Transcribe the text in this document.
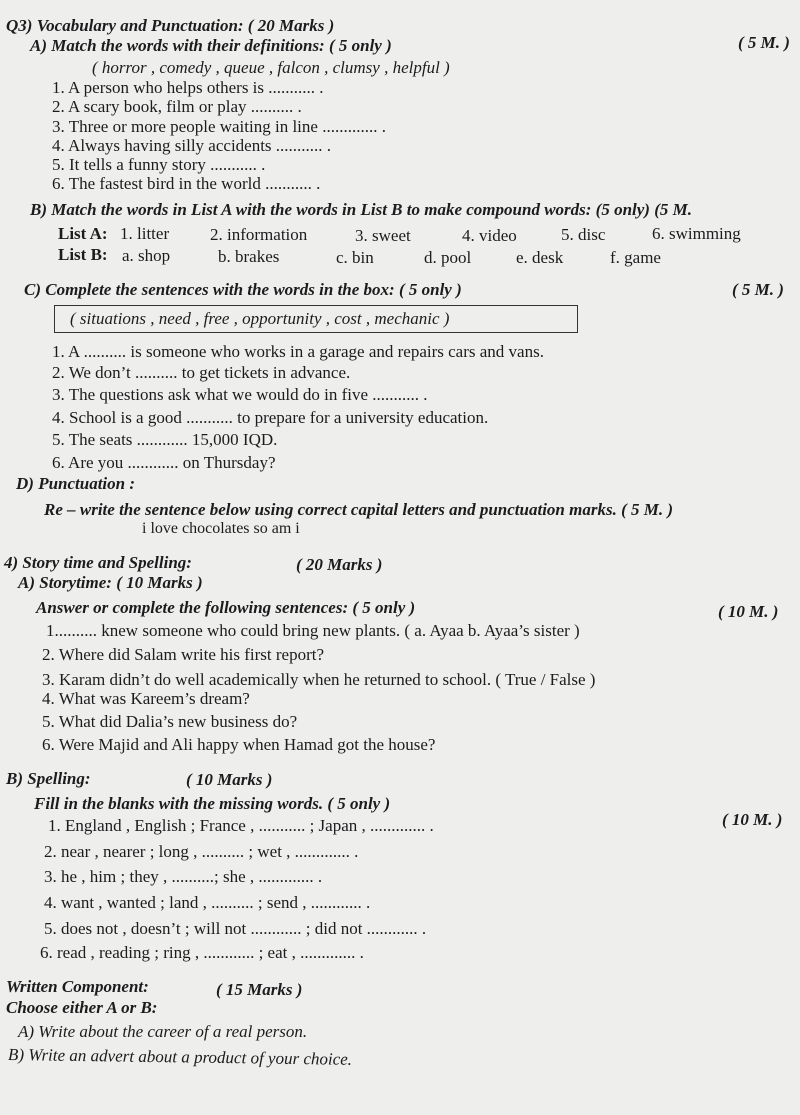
Q3) Vocabulary and Punctuation: ( 20 Marks )
A) Match the words with their definitions: ( 5 only )	( 5 M. )
( horror , comedy , queue , falcon , clumsy , helpful )
1. A person who helps others is ........... .
2. A scary book, film or play .......... .
3. Three or more people waiting in line ............. .
4. Always having silly accidents ........... .
5. It tells a funny story ........... .
6. The fastest bird in the world ........... .
B) Match the words in List A with the words in List B to make compound words: (5 only) (5 M.
List A: 1. litter 2. information	3. sweet	4. video	5. disc	6. swimming
List B: a. shop	b. brakes	c. bin	d. pool	e. desk	f. game
C) Complete the sentences with the words in the box: ( 5 only )	( 5 M. )
( situations , need , free , opportunity , cost , mechanic )
1. A .......... is someone who works in a garage and repairs cars and vans.
2. We don’t .......... to get tickets in advance.
3. The questions ask what we would do in five ........... .
4. School is a good ........... to prepare for a university education.
5. The seats ............ 15,000 IQD.
6. Are you ............ on Thursday?
D) Punctuation :
Re – write the sentence below using correct capital letters and punctuation marks. ( 5 M. )
i love chocolates so am i
4) Story time and Spelling:	( 20 Marks )
A) Storytime: ( 10 Marks )
Answer or complete the following sentences: ( 5 only )	( 10 M. )
1.......... knew someone who could bring new plants. ( a. Ayaa b. Ayaa’s sister )
2. Where did Salam write his first report?
3. Karam didn’t do well academically when he returned to school. ( True / False )
4. What was Kareem’s dream?
5. What did Dalia’s new business do?
6. Were Majid and Ali happy when Hamad got the house?
B) Spelling:	( 10 Marks )
Fill in the blanks with the missing words. ( 5 only )
( 10 M. )
1. England , English ; France , ........... ; Japan , ............. .
2. near , nearer ; long , .......... ; wet , ............. .
3. he , him ; they , ..........; she , ............. .
4. want , wanted ; land , .......... ; send , ............ .
5. does not , doesn’t ; will not ............ ; did not ............ .
6. read , reading ; ring , ............ ; eat , ............. .
Written Component:	( 15 Marks )
Choose either A or B:
A) Write about the career of a real person.
B) Write an advert about a product of your choice.
